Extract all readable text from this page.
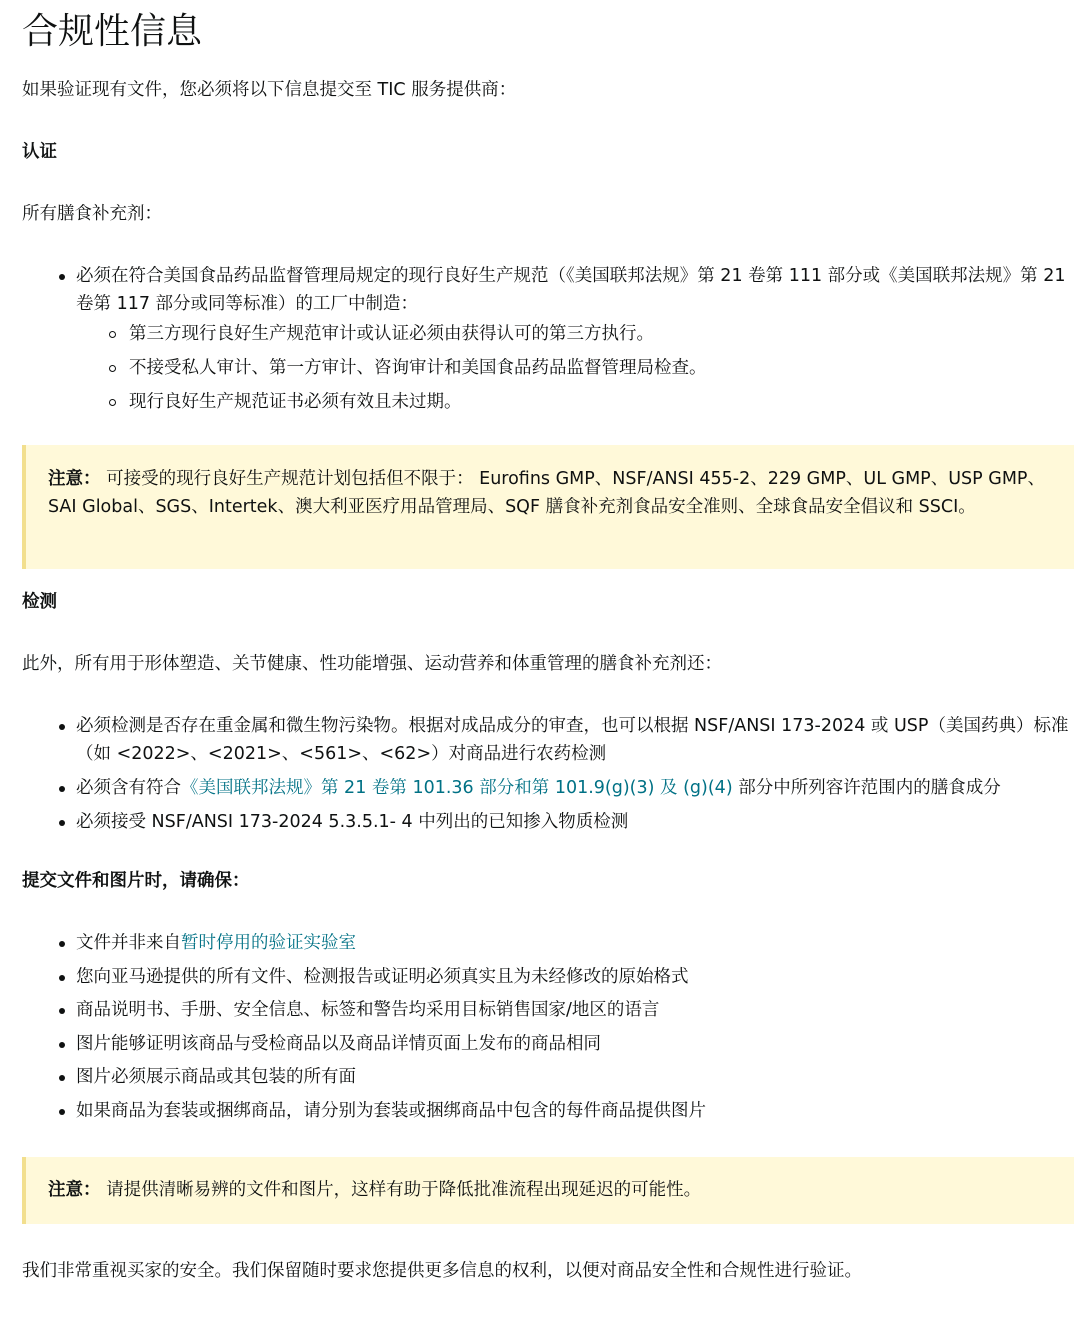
合规性信息
如果验证现有文件，您必须将以下信息提交至 TIC 服务提供商：
认证
所有膳食补充剂：
必须在符合美国食品药品监督管理局规定的现行良好生产规范（《美国联邦法规》第 21 卷第 111 部分或《美国联邦法规》第 21 卷第 117 部分或同等标准）的工厂中制造：
第三方现行良好生产规范审计或认证必须由获得认可的第三方执行。
不接受私人审计、第一方审计、咨询审计和美国食品药品监督管理局检查。
现行良好生产规范证书必须有效且未过期。
注意： 可接受的现行良好生产规范计划包括但不限于： Eurofins GMP、NSF/ANSI 455-2、229 GMP、UL GMP、USP GMP、SAI Global、SGS、Intertek、澳大利亚医疗用品管理局、SQF 膳食补充剂食品安全准则、全球食品安全倡议和 SSCI。
检测
此外，所有用于形体塑造、关节健康、性功能增强、运动营养和体重管理的膳食补充剂还：
必须检测是否存在重金属和微生物污染物。根据对成品成分的审查，也可以根据 NSF/ANSI 173-2024 或 USP（美国药典）标准（如 <2022>、<2021>、<561>、<62>）对商品进行农药检测
必须含有符合《美国联邦法规》第 21 卷第 101.36 部分和第 101.9(g)(3) 及 (g)(4) 部分中所列容许范围内的膳食成分
必须接受 NSF/ANSI 173-2024 5.3.5.1- 4 中列出的已知掺入物质检测
提交文件和图片时，请确保：
文件并非来自暂时停用的验证实验室
您向亚马逊提供的所有文件、检测报告或证明必须真实且为未经修改的原始格式
商品说明书、手册、安全信息、标签和警告均采用目标销售国家/地区的语言
图片能够证明该商品与受检商品以及商品详情页面上发布的商品相同
图片必须展示商品或其包装的所有面
如果商品为套装或捆绑商品，请分别为套装或捆绑商品中包含的每件商品提供图片
注意： 请提供清晰易辨的文件和图片，这样有助于降低批准流程出现延迟的可能性。
我们非常重视买家的安全。我们保留随时要求您提供更多信息的权利，以便对商品安全性和合规性进行验证。
